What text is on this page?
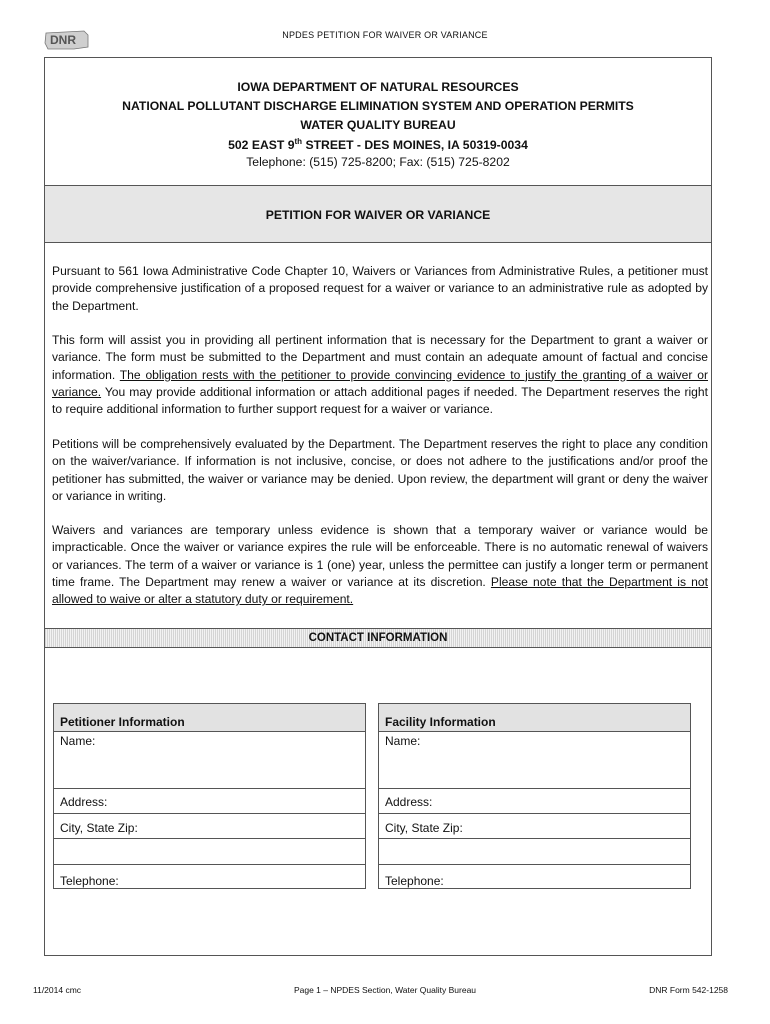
NPDES PETITION FOR WAIVER OR VARIANCE
DNR
IOWA DEPARTMENT OF NATURAL RESOURCES
NATIONAL POLLUTANT DISCHARGE ELIMINATION SYSTEM AND OPERATION PERMITS
WATER QUALITY BUREAU
502 EAST 9th STREET - DES MOINES, IA 50319-0034
Telephone: (515) 725-8200; Fax: (515) 725-8202
PETITION FOR WAIVER OR VARIANCE

Pursuant to 561 Iowa Administrative Code Chapter 10, Waivers or Variances from Administrative Rules, a petitioner must provide comprehensive justification of a proposed request for a waiver or variance to an administrative rule as adopted by the Department.

This form will assist you in providing all pertinent information that is necessary for the Department to grant a waiver or variance. The form must be submitted to the Department and must contain an adequate amount of factual and concise information. The obligation rests with the petitioner to provide convincing evidence to justify the granting of a waiver or variance. You may provide additional information or attach additional pages if needed. The Department reserves the right to require additional information to further support request for a waiver or variance.

Petitions will be comprehensively evaluated by the Department. The Department reserves the right to place any condition on the waiver/variance. If information is not inclusive, concise, or does not adhere to the justifications and/or proof the petitioner has submitted, the waiver or variance may be denied. Upon review, the department will grant or deny the waiver or variance in writing.

Waivers and variances are temporary unless evidence is shown that a temporary waiver or variance would be impracticable. Once the waiver or variance expires the rule will be enforceable. There is no automatic renewal of waivers or variances. The term of a waiver or variance is 1 (one) year, unless the permittee can justify a longer term or permanent time frame. The Department may renew a waiver or variance at its discretion. Please note that the Department is not allowed to waive or alter a statutory duty or requirement.

CONTACT INFORMATION
Petitioner Information
Name:
Address:
City, State Zip:
Telephone:
Facility Information
Name:
Address:
City, State Zip:
Telephone:
11/2014 cmc	Page 1 – NPDES Section, Water Quality Bureau	DNR Form 542-1258
